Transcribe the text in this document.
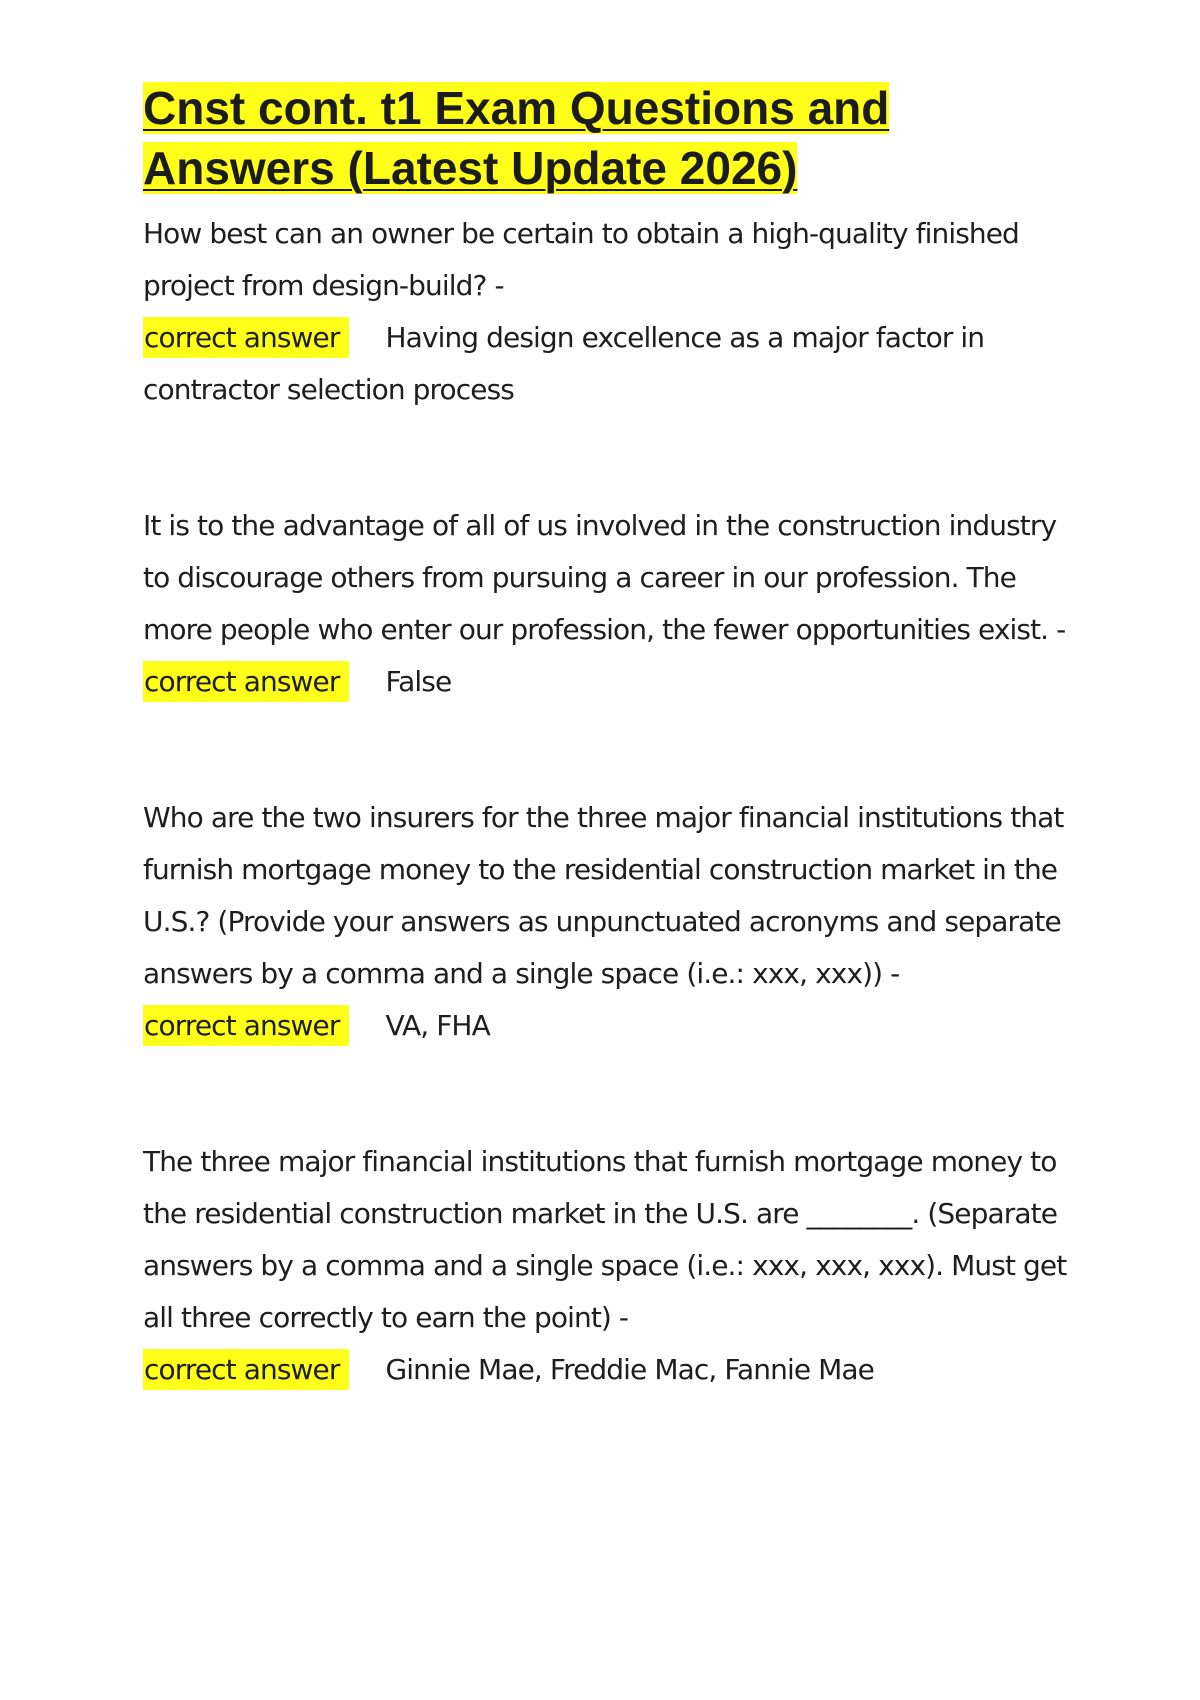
Cnst cont. t1 Exam Questions and Answers (Latest Update 2026)

How best can an owner be certain to obtain a high-quality finished project from design-build? -

correct answer Having design excellence as a major factor in contractor selection process

It is to the advantage of all of us involved in the construction industry to discourage others from pursuing a career in our profession. The more people who enter our profession, the fewer opportunities exist. -

correct answer False

Who are the two insurers for the three major financial institutions that furnish mortgage money to the residential construction market in the U.S.? (Provide your answers as unpunctuated acronyms and separate answers by a comma and a single space (i.e.: xxx, xxx)) -

correct answer VA, FHA

The three major financial institutions that furnish mortgage money to the residential construction market in the U.S. are ________. (Separate answers by a comma and a single space (i.e.: xxx, xxx, xxx). Must get all three correctly to earn the point) -

correct answer Ginnie Mae, Freddie Mac, Fannie Mae
